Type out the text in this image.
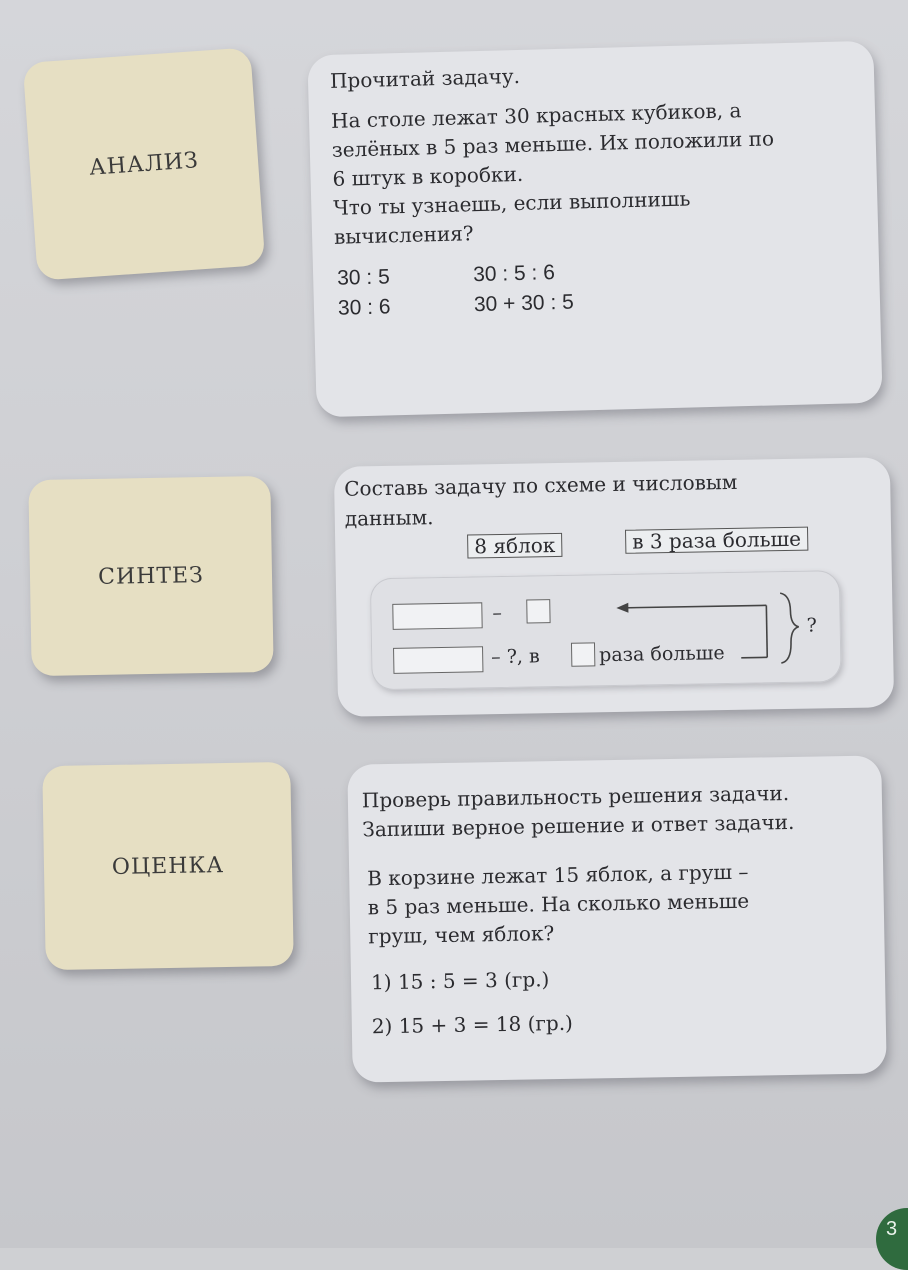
АНАЛИЗ
Прочитай задачу.
На столе лежат 30 красных кубиков, а
зелёных в 5 раз меньше. Их положили по
6 штук в коробки.
Что ты узнаешь, если выполнишь
вычисления?
30 : 5	30 : 5 : 6
30 : 6	30 + 30 : 5
СИНТЕЗ
Составь задачу по схеме и числовым
данным.
8 яблок	в 3 раза больше
–
– ?, в	раза больше
?
ОЦЕНКА
Проверь правильность решения задачи.
Запиши верное решение и ответ задачи.
В корзине лежат 15 яблок, а груш –
в 5 раз меньше. На сколько меньше
груш, чем яблок?
1) 15 : 5 = 3 (гр.)
2) 15 + 3 = 18 (гр.)
3
